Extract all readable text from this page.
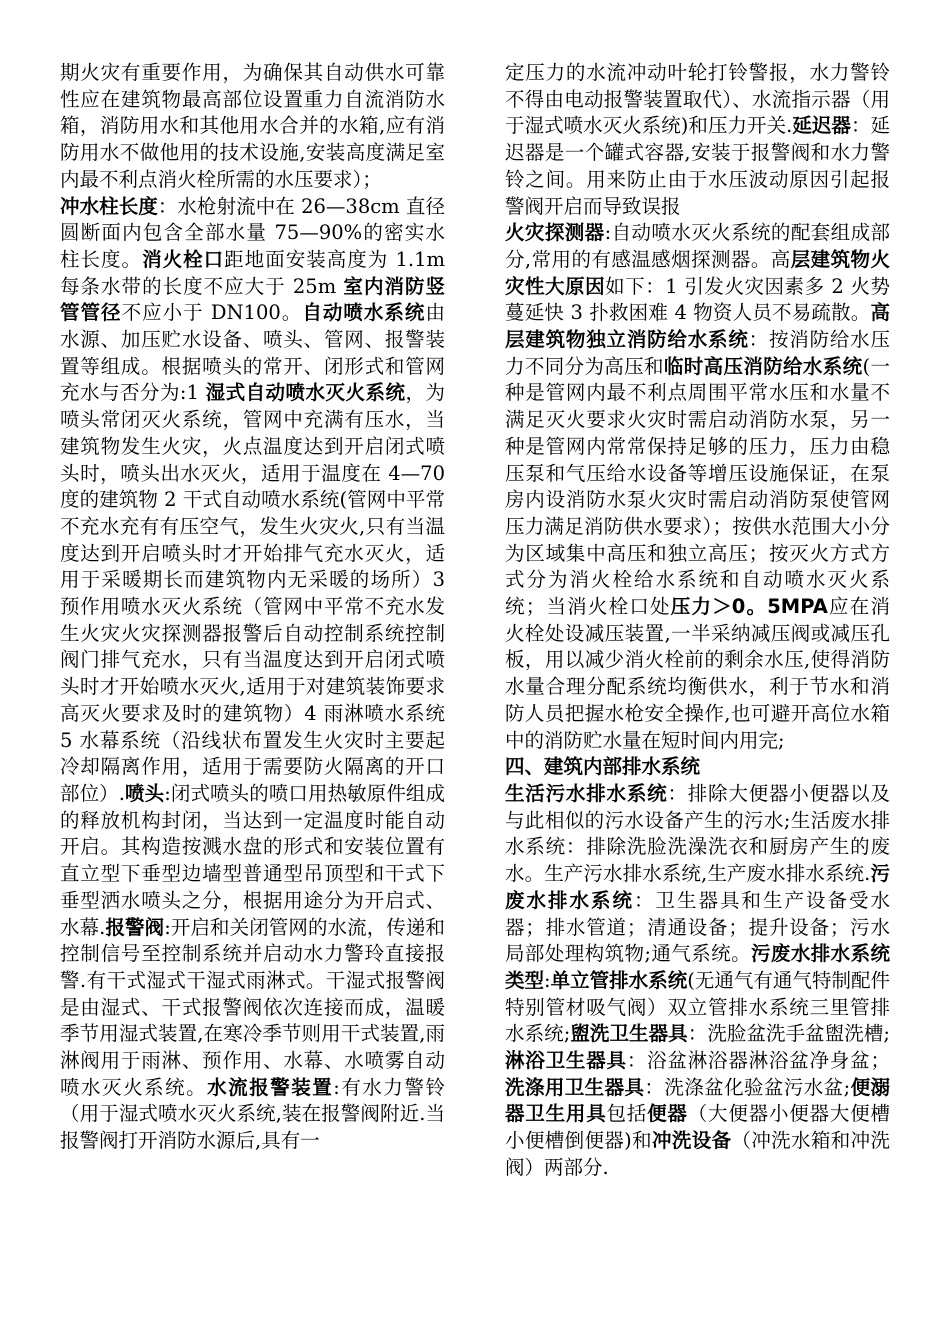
期火灾有重要作用，为确保其自动供水可靠性应在建筑物最高部位设置重力自流消防水箱，消防用水和其他用水合并的水箱,应有消防用水不做他用的技术设施,安装高度满足室内最不利点消火栓所需的水压要求）；

冲水柱长度：水枪射流中在 26—38cm 直径圆断面内包含全部水量 75—90%的密实水柱长度。消火栓口距地面安装高度为 1.1m 每条水带的长度不应大于 25m 室内消防竖管管径不应小于 DN100。自动喷水系统由水源、加压贮水设备、喷头、管网、报警装置等组成。根据喷头的常开、闭形式和管网充水与否分为:1 湿式自动喷水灭火系统，为喷头常闭灭火系统，管网中充满有压水，当建筑物发生火灾，火点温度达到开启闭式喷头时，喷头出水灭火，适用于温度在 4—70 度的建筑物 2 干式自动喷水系统(管网中平常不充水充有有压空气，发生火灾火,只有当温度达到开启喷头时才开始排气充水灭火，适用于采暖期长而建筑物内无采暖的场所）3 预作用喷水灭火系统（管网中平常不充水发生火灾火灾探测器报警后自动控制系统控制阀门排气充水，只有当温度达到开启闭式喷头时才开始喷水灭火,适用于对建筑装饰要求高灭火要求及时的建筑物）4 雨淋喷水系统 5 水幕系统（沿线状布置发生火灾时主要起冷却隔离作用，适用于需要防火隔离的开口部位）.喷头:闭式喷头的喷口用热敏原件组成的释放机构封闭，当达到一定温度时能自动开启。其构造按溅水盘的形式和安装位置有直立型下垂型边墙型普通型吊顶型和干式下垂型洒水喷头之分，根据用途分为开启式、水幕.报警阀:开启和关闭管网的水流，传递和控制信号至控制系统并启动水力警玲直接报警.有干式湿式干湿式雨淋式。干湿式报警阀是由湿式、干式报警阀依次连接而成，温暖季节用湿式装置,在寒冷季节则用干式装置,雨淋阀用于雨淋、预作用、水幕、水喷雾自动喷水灭火系统。水流报警装置:有水力警铃（用于湿式喷水灭火系统,装在报警阀附近.当报警阀打开消防水源后,具有一

定压力的水流冲动叶轮打铃警报，水力警铃不得由电动报警装置取代）、水流指示器（用于湿式喷水灭火系统)和压力开关.延迟器：延迟器是一个罐式容器,安装于报警阀和水力警铃之间。用来防止由于水压波动原因引起报警阀开启而导致误报

火灾探测器:自动喷水灭火系统的配套组成部分,常用的有感温感烟探测器。高层建筑物火灾性大原因如下：1 引发火灾因素多 2 火势蔓延快 3 扑救困难 4 物资人员不易疏散。高层建筑物独立消防给水系统：按消防给水压力不同分为高压和临时高压消防给水系统(一种是管网内最不利点周围平常水压和水量不满足灭火要求火灾时需启动消防水泵，另一种是管网内常常保持足够的压力，压力由稳压泵和气压给水设备等增压设施保证，在泵房内设消防水泵火灾时需启动消防泵使管网压力满足消防供水要求）；按供水范围大小分为区域集中高压和独立高压；按灭火方式方式分为消火栓给水系统和自动喷水灭火系统；当消火栓口处压力＞0。5MPA应在消火栓处设减压装置,一半采纳减压阀或减压孔板，用以减少消火栓前的剩余水压,使得消防水量合理分配系统均衡供水，利于节水和消防人员把握水枪安全操作,也可避开高位水箱中的消防贮水量在短时间内用完;

四、建筑内部排水系统

生活污水排水系统：排除大便器小便器以及与此相似的污水设备产生的污水;生活废水排水系统：排除洗脸洗澡洗衣和厨房产生的废水。生产污水排水系统,生产废水排水系统.污废水排水系统：卫生器具和生产设备受水器；排水管道；清通设备；提升设备；污水局部处理构筑物;通气系统。污废水排水系统类型:单立管排水系统(无通气有通气特制配件特别管材吸气阀）双立管排水系统三里管排水系统;盥洗卫生器具：洗脸盆洗手盆盥洗槽;淋浴卫生器具：浴盆淋浴器淋浴盆净身盆；洗涤用卫生器具：洗涤盆化验盆污水盆;便溺器卫生用具包括便器（大便器小便器大便槽小便槽倒便器)和冲洗设备（冲洗水箱和冲洗阀）两部分.
